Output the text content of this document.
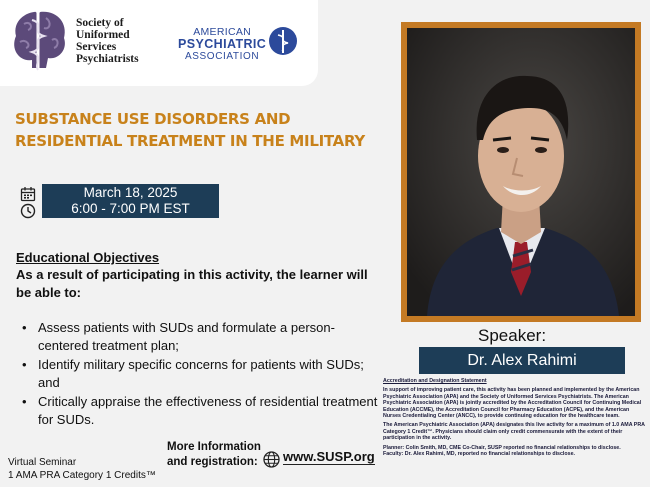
Society of
Uniformed
Services
Psychiatrists
AMERICAN
PSYCHIATRIC
ASSOCIATION
SUBSTANCE USE DISORDERS AND
RESIDENTIAL TREATMENT IN THE MILITARY
March 18, 2025
6:00 - 7:00 PM EST
Educational Objectives
As a result of participating in this activity, the learner will be able to:
• Assess patients with SUDs and formulate a person-centered treatment plan;
• Identify military specific concerns for patients with SUDs; and
• Critically appraise the effectiveness of residential treatment for SUDs.
Virtual Seminar
1 AMA PRA Category 1 Credits™
More Information
and registration: www.SUSP.org
Speaker:
Dr. Alex Rahimi

Accreditation and Designation Statement

In support of improving patient care, this activity has been planned and implemented by the American Psychiatric Association (APA) and the Society of Uniformed Services Psychiatrists. The American Psychiatric Association (APA) is jointly accredited by the Accreditation Council for Continuing Medical Education (ACCME), the Accreditation Council for Pharmacy Education (ACPE), and the American Nurses Credentialing Center (ANCC), to provide continuing education for the healthcare team.

The American Psychiatric Association (APA) designates this live activity for a maximum of 1.0 AMA PRA Category 1 Credit™. Physicians should claim only credit commensurate with the extent of their participation in the activity.

Planner: Colin Smith, MD, CME Co-Chair, SUSP reported no financial relationships to disclose.

Faculty: Dr. Alex Rahimi, MD, reported no financial relationships to disclose.
